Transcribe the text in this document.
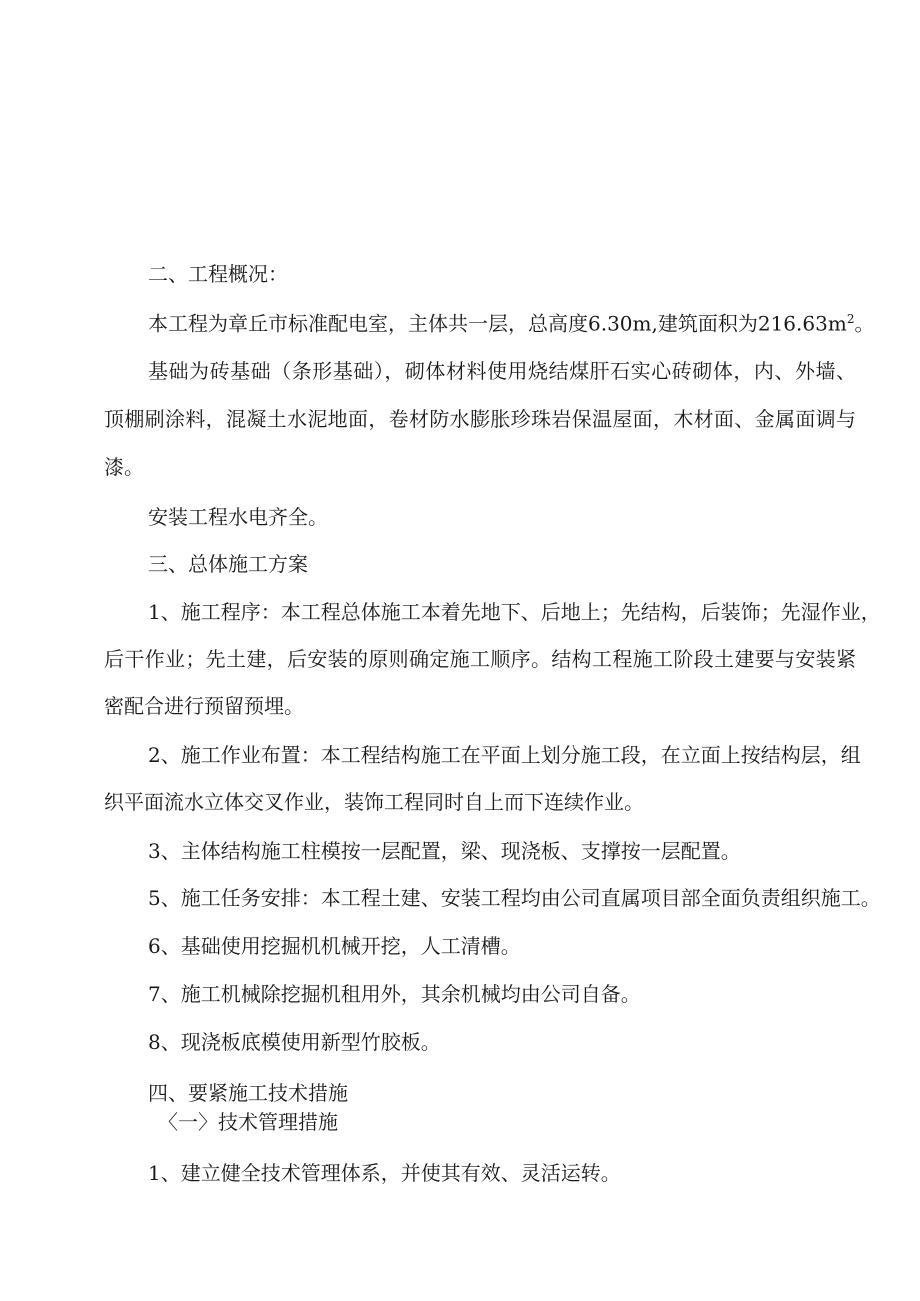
二、工程概况：
本工程为章丘市标准配电室，主体共一层，总高度6.30m,建筑面积为$216.63m^2$。
基础为砖基础（条形基础），砌体材料使用烧结煤肝石实心砖砌体，内、外墙、
顶棚刷涂料，混凝土水泥地面，卷材防水膨胀珍珠岩保温屋面，木材面、金属面调与
漆。
安装工程水电齐全。
三、总体施工方案
1、施工程序：本工程总体施工本着先地下、后地上；先结构，后装饰；先湿作业，
后干作业；先土建，后安装的原则确定施工顺序。结构工程施工阶段土建要与安装紧
密配合进行预留预埋。
2、施工作业布置：本工程结构施工在平面上划分施工段，在立面上按结构层，组
织平面流水立体交叉作业，装饰工程同时自上而下连续作业。
3、主体结构施工柱模按一层配置，梁、现浇板、支撑按一层配置。
5、施工任务安排：本工程土建、安装工程均由公司直属项目部全面负责组织施工。
6、基础使用挖掘机机械开挖，人工清槽。
7、施工机械除挖掘机租用外，其余机械均由公司自备。
8、现浇板底模使用新型竹胶板。
四、要紧施工技术措施
〈一〉技术管理措施
1、建立健全技术管理体系，并使其有效、灵活运转。
